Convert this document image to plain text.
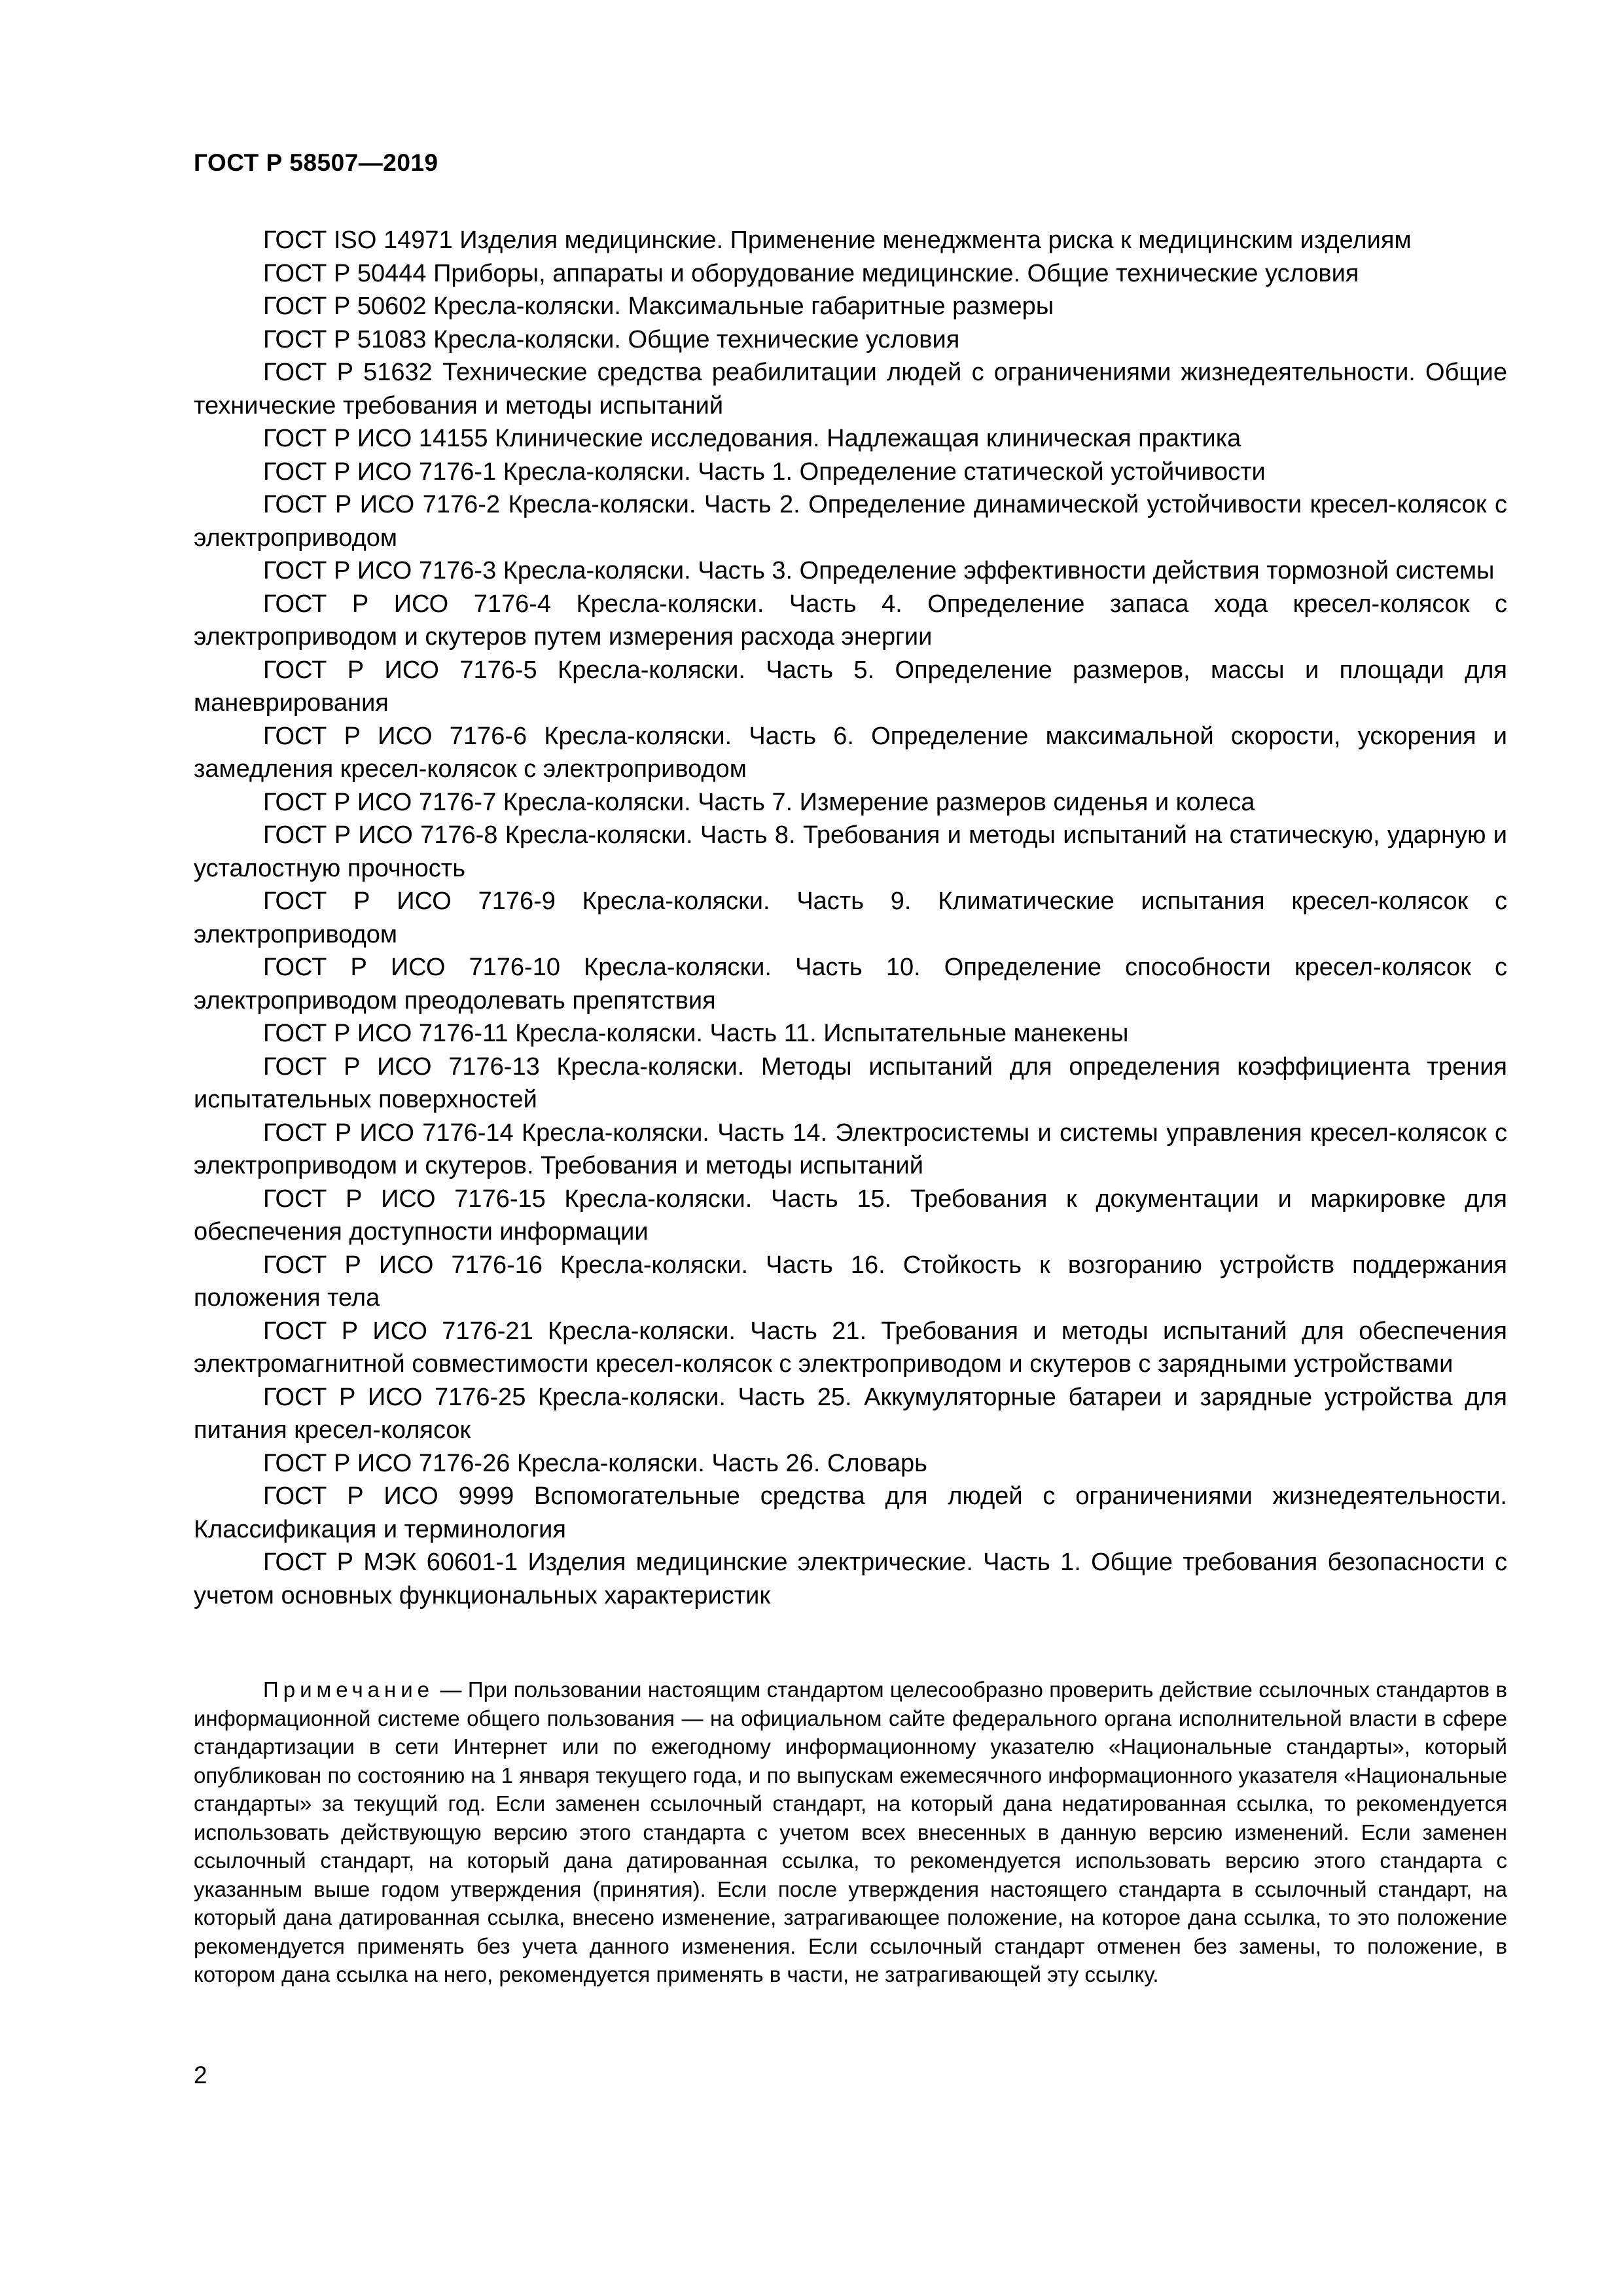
ГОСТ Р 58507—2019

ГОСТ ISO 14971 Изделия медицинские. Применение менеджмента риска к медицинским изделиям

ГОСТ Р 50444 Приборы, аппараты и оборудование медицинские. Общие технические условия

ГОСТ Р 50602 Кресла-коляски. Максимальные габаритные размеры

ГОСТ Р 51083 Кресла-коляски. Общие технические условия

ГОСТ Р 51632 Технические средства реабилитации людей с ограничениями жизнедеятельности. Общие технические требования и методы испытаний

ГОСТ Р ИСО 14155 Клинические исследования. Надлежащая клиническая практика

ГОСТ Р ИСО 7176-1 Кресла-коляски. Часть 1. Определение статической устойчивости

ГОСТ Р ИСО 7176-2 Кресла-коляски. Часть 2. Определение динамической устойчивости кресел-колясок с электроприводом

ГОСТ Р ИСО 7176-3 Кресла-коляски. Часть 3. Определение эффективности действия тормозной системы

ГОСТ Р ИСО 7176-4 Кресла-коляски. Часть 4. Определение запаса хода кресел-колясок с электроприводом и скутеров путем измерения расхода энергии

ГОСТ Р ИСО 7176-5 Кресла-коляски. Часть 5. Определение размеров, массы и площади для маневрирования

ГОСТ Р ИСО 7176-6 Кресла-коляски. Часть 6. Определение максимальной скорости, ускорения и замедления кресел-колясок с электроприводом

ГОСТ Р ИСО 7176-7 Кресла-коляски. Часть 7. Измерение размеров сиденья и колеса

ГОСТ Р ИСО 7176-8 Кресла-коляски. Часть 8. Требования и методы испытаний на статическую, ударную и усталостную прочность

ГОСТ Р ИСО 7176-9 Кресла-коляски. Часть 9. Климатические испытания кресел-колясок с электроприводом

ГОСТ Р ИСО 7176-10 Кресла-коляски. Часть 10. Определение способности кресел-колясок с электроприводом преодолевать препятствия

ГОСТ Р ИСО 7176-11 Кресла-коляски. Часть 11. Испытательные манекены

ГОСТ Р ИСО 7176-13 Кресла-коляски. Методы испытаний для определения коэффициента трения испытательных поверхностей

ГОСТ Р ИСО 7176-14 Кресла-коляски. Часть 14. Электросистемы и системы управления кресел-колясок с электроприводом и скутеров. Требования и методы испытаний

ГОСТ Р ИСО 7176-15 Кресла-коляски. Часть 15. Требования к документации и маркировке для обеспечения доступности информации

ГОСТ Р ИСО 7176-16 Кресла-коляски. Часть 16. Стойкость к возгоранию устройств поддержания положения тела

ГОСТ Р ИСО 7176-21 Кресла-коляски. Часть 21. Требования и методы испытаний для обеспечения электромагнитной совместимости кресел-колясок с электроприводом и скутеров с зарядными устройствами

ГОСТ Р ИСО 7176-25 Кресла-коляски. Часть 25. Аккумуляторные батареи и зарядные устройства для питания кресел-колясок

ГОСТ Р ИСО 7176-26 Кресла-коляски. Часть 26. Словарь

ГОСТ Р ИСО 9999 Вспомогательные средства для людей с ограничениями жизнедеятельности. Классификация и терминология

ГОСТ Р МЭК 60601-1 Изделия медицинские электрические. Часть 1. Общие требования безопасности с учетом основных функциональных характеристик

Примечание — При пользовании настоящим стандартом целесообразно проверить действие ссылочных стандартов в информационной системе общего пользования — на официальном сайте федерального органа исполнительной власти в сфере стандартизации в сети Интернет или по ежегодному информационному указателю «Национальные стандарты», который опубликован по состоянию на 1 января текущего года, и по выпускам ежемесячного информационного указателя «Национальные стандарты» за текущий год. Если заменен ссылочный стандарт, на который дана недатированная ссылка, то рекомендуется использовать действующую версию этого стандарта с учетом всех внесенных в данную версию изменений. Если заменен ссылочный стандарт, на который дана датированная ссылка, то рекомендуется использовать версию этого стандарта с указанным выше годом утверждения (принятия). Если после утверждения настоящего стандарта в ссылочный стандарт, на который дана датированная ссылка, внесено изменение, затрагивающее положение, на которое дана ссылка, то это положение рекомендуется применять без учета данного изменения. Если ссылочный стандарт отменен без замены, то положение, в котором дана ссылка на него, рекомендуется применять в части, не затрагивающей эту ссылку.

2
